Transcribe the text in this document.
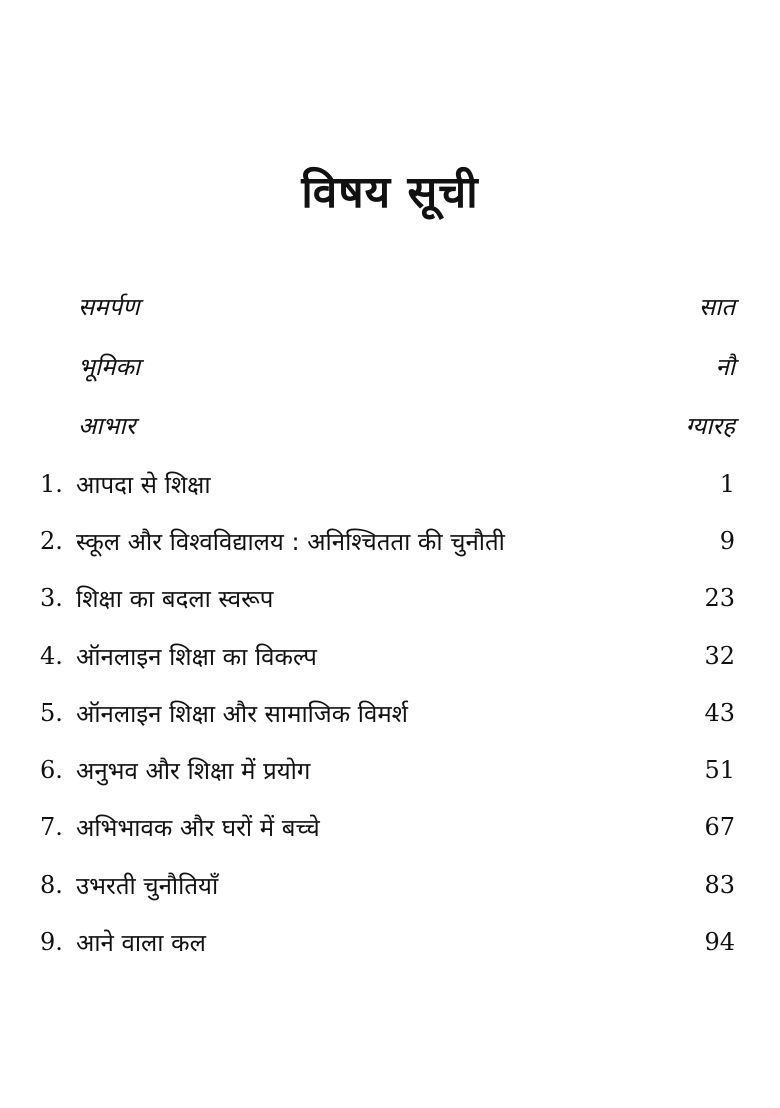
विषय सूची
समर्पण	सात
भूमिका	नौ
आभार	ग्यारह
1. आपदा से शिक्षा	1
2. स्कूल और विश्वविद्यालय : अनिश्चितता की चुनौती	9
3. शिक्षा का बदला स्वरूप	23
4. ऑनलाइन शिक्षा का विकल्प	32
5. ऑनलाइन शिक्षा और सामाजिक विमर्श	43
6. अनुभव और शिक्षा में प्रयोग	51
7. अभिभावक और घरों में बच्चे	67
8. उभरती चुनौतियाँ	83
9. आने वाला कल	94
